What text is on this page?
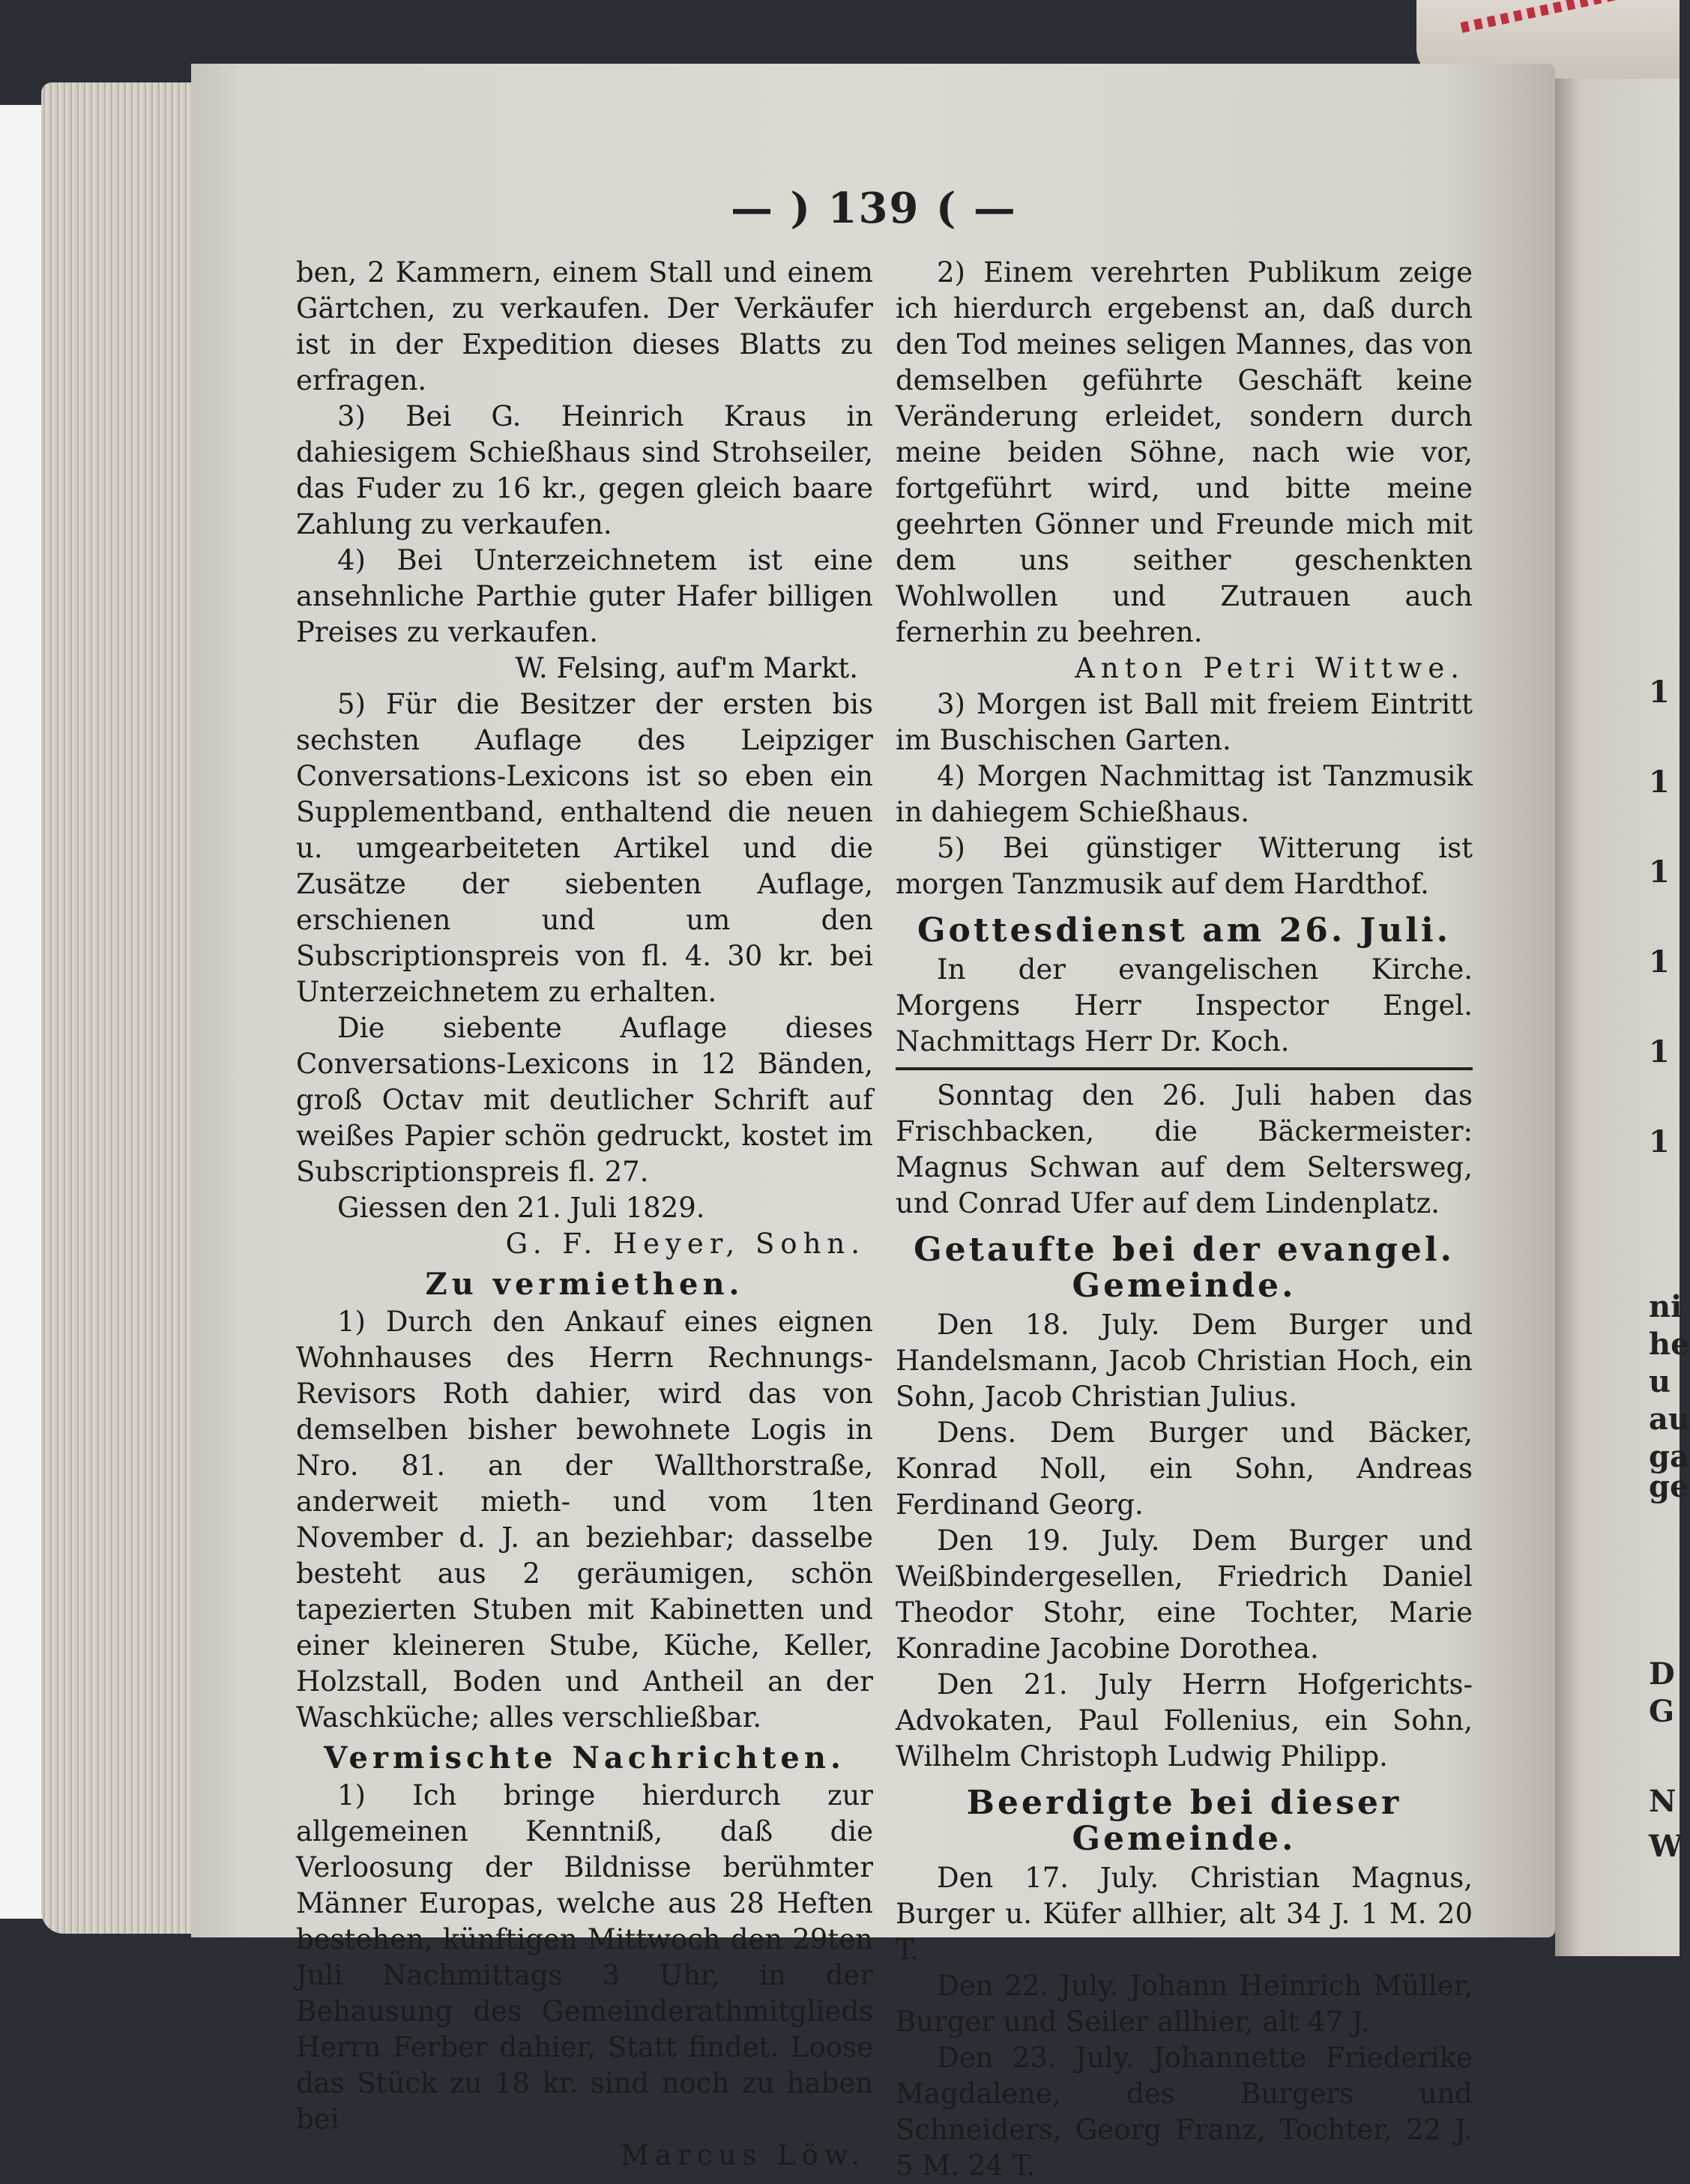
— ) 139 ( —

ben, 2 Kammern, einem Stall und einem Gärtchen, zu verkaufen. Der Verkäufer ist in der Expedition dieses Blatts zu erfragen.

3) Bei G. Heinrich Kraus in dahiesigem Schießhaus sind Strohseiler, das Fuder zu 16 kr., gegen gleich baare Zahlung zu verkaufen.

4) Bei Unterzeichnetem ist eine ansehnliche Parthie guter Hafer billigen Preises zu verkaufen.

W. Felsing, auf'm Markt.

5) Für die Besitzer der ersten bis sechsten Auflage des Leipziger Conversations-Lexicons ist so eben ein Supplementband, enthaltend die neuen u. umgearbeiteten Artikel und die Zusätze der siebenten Auflage, erschienen und um den Subscriptionspreis von fl. 4. 30 kr. bei Unterzeichnetem zu erhalten.

Die siebente Auflage dieses Conversations-Lexicons in 12 Bänden, groß Octav mit deutlicher Schrift auf weißes Papier schön gedruckt, kostet im Subscriptionspreis fl. 27.

Giessen den 21. Juli 1829.

G. F. Heyer, Sohn.

Zu vermiethen.

1) Durch den Ankauf eines eignen Wohnhauses des Herrn Rechnungs-Revisors Roth dahier, wird das von demselben bisher bewohnete Logis in Nro. 81. an der Wallthorstraße, anderweit mieth- und vom 1ten November d. J. an beziehbar; dasselbe besteht aus 2 geräumigen, schön tapezierten Stuben mit Kabinetten und einer kleineren Stube, Küche, Keller, Holzstall, Boden und Antheil an der Waschküche; alles verschließbar.

Vermischte Nachrichten.

1) Ich bringe hierdurch zur allgemeinen Kenntniß, daß die Verloosung der Bildnisse berühmter Männer Europas, welche aus 28 Heften bestehen, künftigen Mittwoch den 29ten Juli Nachmittags 3 Uhr, in der Behausung des Gemeinderathmitglieds Herrn Ferber dahier, Statt findet. Loose das Stück zu 18 kr. sind noch zu haben bei

Marcus Löw.

2) Einem verehrten Publikum zeige ich hierdurch ergebenst an, daß durch den Tod meines seligen Mannes, das von demselben geführte Geschäft keine Veränderung erleidet, sondern durch meine beiden Söhne, nach wie vor, fortgeführt wird, und bitte meine geehrten Gönner und Freunde mich mit dem uns seither geschenkten Wohlwollen und Zutrauen auch fernerhin zu beehren.

Anton Petri Wittwe.

3) Morgen ist Ball mit freiem Eintritt im Buschischen Garten.

4) Morgen Nachmittag ist Tanzmusik in dahiegem Schießhaus.

5) Bei günstiger Witterung ist morgen Tanzmusik auf dem Hardthof.

Gottesdienst am 26. Juli.

In der evangelischen Kirche. Morgens Herr Inspector Engel. Nachmittags Herr Dr. Koch.

Sonntag den 26. Juli haben das Frischbacken, die Bäckermeister: Magnus Schwan auf dem Seltersweg, und Conrad Ufer auf dem Lindenplatz.

Getaufte bei der evangel. Gemeinde.

Den 18. July. Dem Burger und Handelsmann, Jacob Christian Hoch, ein Sohn, Jacob Christian Julius.

Dens. Dem Burger und Bäcker, Konrad Noll, ein Sohn, Andreas Ferdinand Georg.

Den 19. July. Dem Burger und Weißbindergesellen, Friedrich Daniel Theodor Stohr, eine Tochter, Marie Konradine Jacobine Dorothea.

Den 21. July Herrn Hofgerichts-Advokaten, Paul Follenius, ein Sohn, Wilhelm Christoph Ludwig Philipp.

Beerdigte bei dieser Gemeinde.

Den 17. July. Christian Magnus, Burger u. Küfer allhier, alt 34 J. 1 M. 20 T.

Den 22. July. Johann Heinrich Müller, Burger und Seiler allhier, alt 47 J.

Den 23. July. Johannette Friederike Magdalene, des Burgers und Schneiders, Georg Franz, Tochter, 22 J. 5 M. 24 T.

1
1
1
1
1
1
ni
he
u
au
ga
ge
D
G
N
W
